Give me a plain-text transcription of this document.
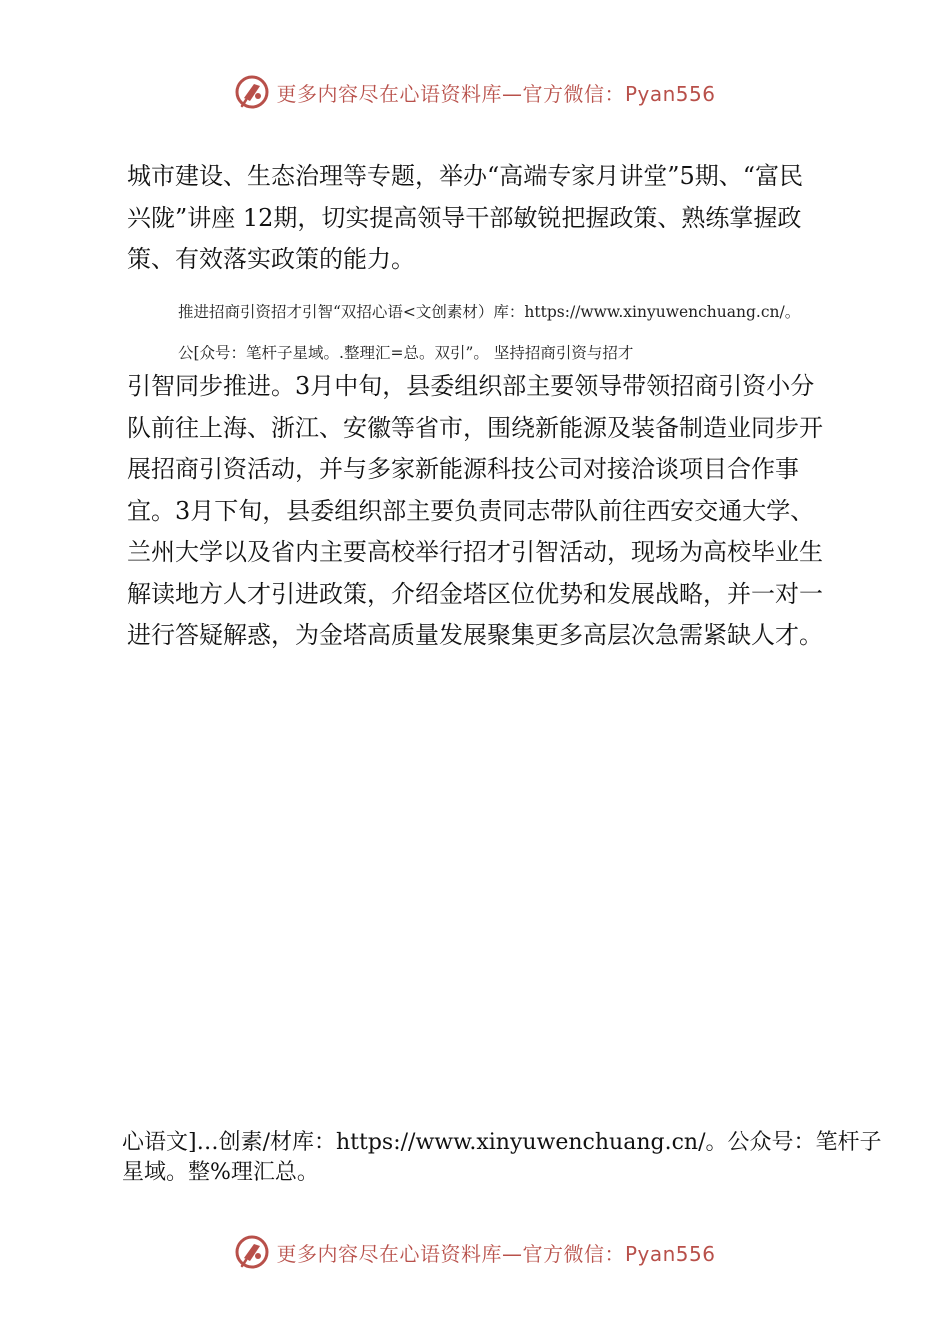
更多内容尽在心语资料库—官方微信：Pyan556

城市建设、生态治理等专题，举办“高端专家月讲堂”5期、“富民兴陇”讲座 12期，切实提高领导干部敏锐把握政策、熟练掌握政策、有效落实政策的能力。

推进招商引资招才引智“双招心语<文创素材）库：https://www.xinyuwenchuang.cn/。

公[众号：笔杆子星域。.整理汇=总。双引”。 坚持招商引资与招才

引智同步推进。3月中旬，县委组织部主要领导带领招商引资小分队前往上海、浙江、安徽等省市，围绕新能源及装备制造业同步开展招商引资活动，并与多家新能源科技公司对接洽谈项目合作事宜。3月下旬，县委组织部主要负责同志带队前往西安交通大学、兰州大学以及省内主要高校举行招才引智活动，现场为高校毕业生解读地方人才引进政策，介绍金塔区位优势和发展战略，并一对一进行答疑解惑，为金塔高质量发展聚集更多高层次急需紧缺人才。

心语文]…创素/材库：https://www.xinyuwenchuang.cn/。公众号：笔杆子星域。整%理汇总。

更多内容尽在心语资料库—官方微信：Pyan556
